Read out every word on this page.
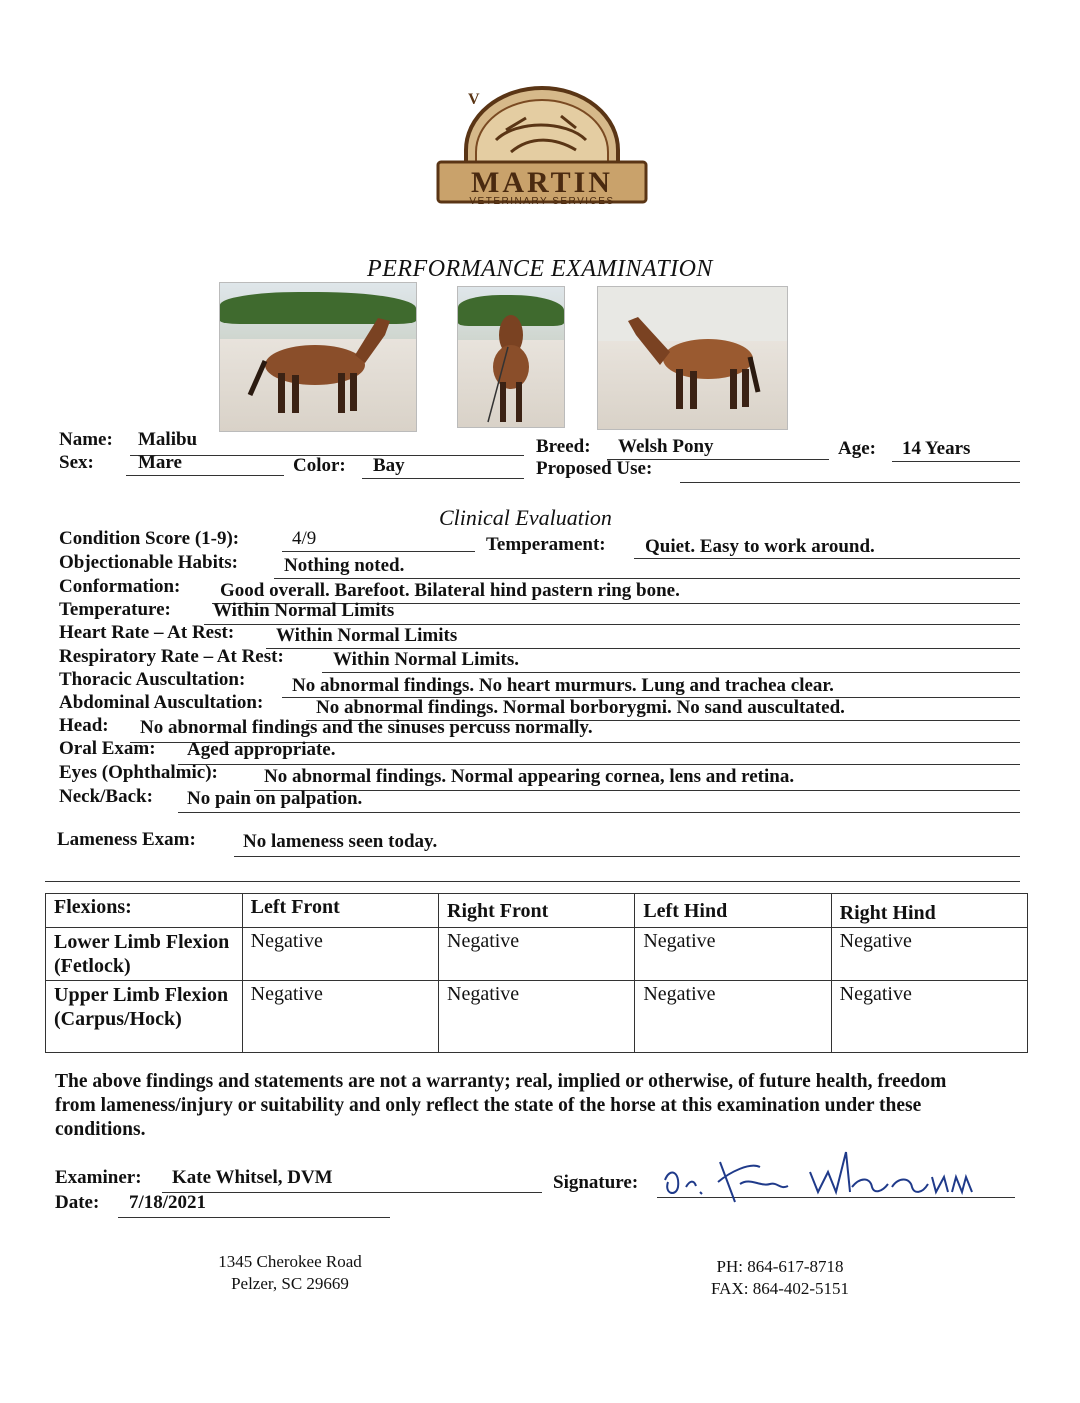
V
MARTIN
VETERINARY SERVICES
PERFORMANCE EXAMINATION
Name: Malibu
Sex: Mare	Color: Bay
Breed: Welsh Pony
Proposed Use:
Age: 14 Years
Clinical Evaluation
Condition Score (1-9):	4/9	Temperament: Quiet. Easy to work around.
Objectionable Habits: Nothing noted.
Conformation: Good overall. Barefoot. Bilateral hind pastern ring bone.
Temperature: Within Normal Limits
Heart Rate – At Rest: Within Normal Limits
Respiratory Rate – At Rest:	Within Normal Limits.
Thoracic Auscultation: No abnormal findings. No heart murmurs. Lung and trachea clear.
Abdominal Auscultation:	No abnormal findings. Normal borborygmi. No sand auscultated.
Head: No abnormal findings and the sinuses percuss normally.
Oral Exam: Aged appropriate.
Eyes (Ophthalmic): No abnormal findings. Normal appearing cornea, lens and retina.
Neck/Back: No pain on palpation.
Lameness Exam: No lameness seen today.
Flexions:	Left Front	Right Front	Left Hind	Right Hind
Lower Limb Flexion (Fetlock)	Negative	Negative	Negative	Negative
Upper Limb Flexion (Carpus/Hock)	Negative	Negative	Negative	Negative
The above findings and statements are not a warranty; real, implied or otherwise, of future health, freedom from lameness/injury or suitability and only reflect the state of the horse at this examination under these conditions.
Examiner: Kate Whitsel, DVM
Date: 7/18/2021
Signature:
1345 Cherokee Road
Pelzer, SC 29669
PH: 864-617-8718
FAX: 864-402-5151
